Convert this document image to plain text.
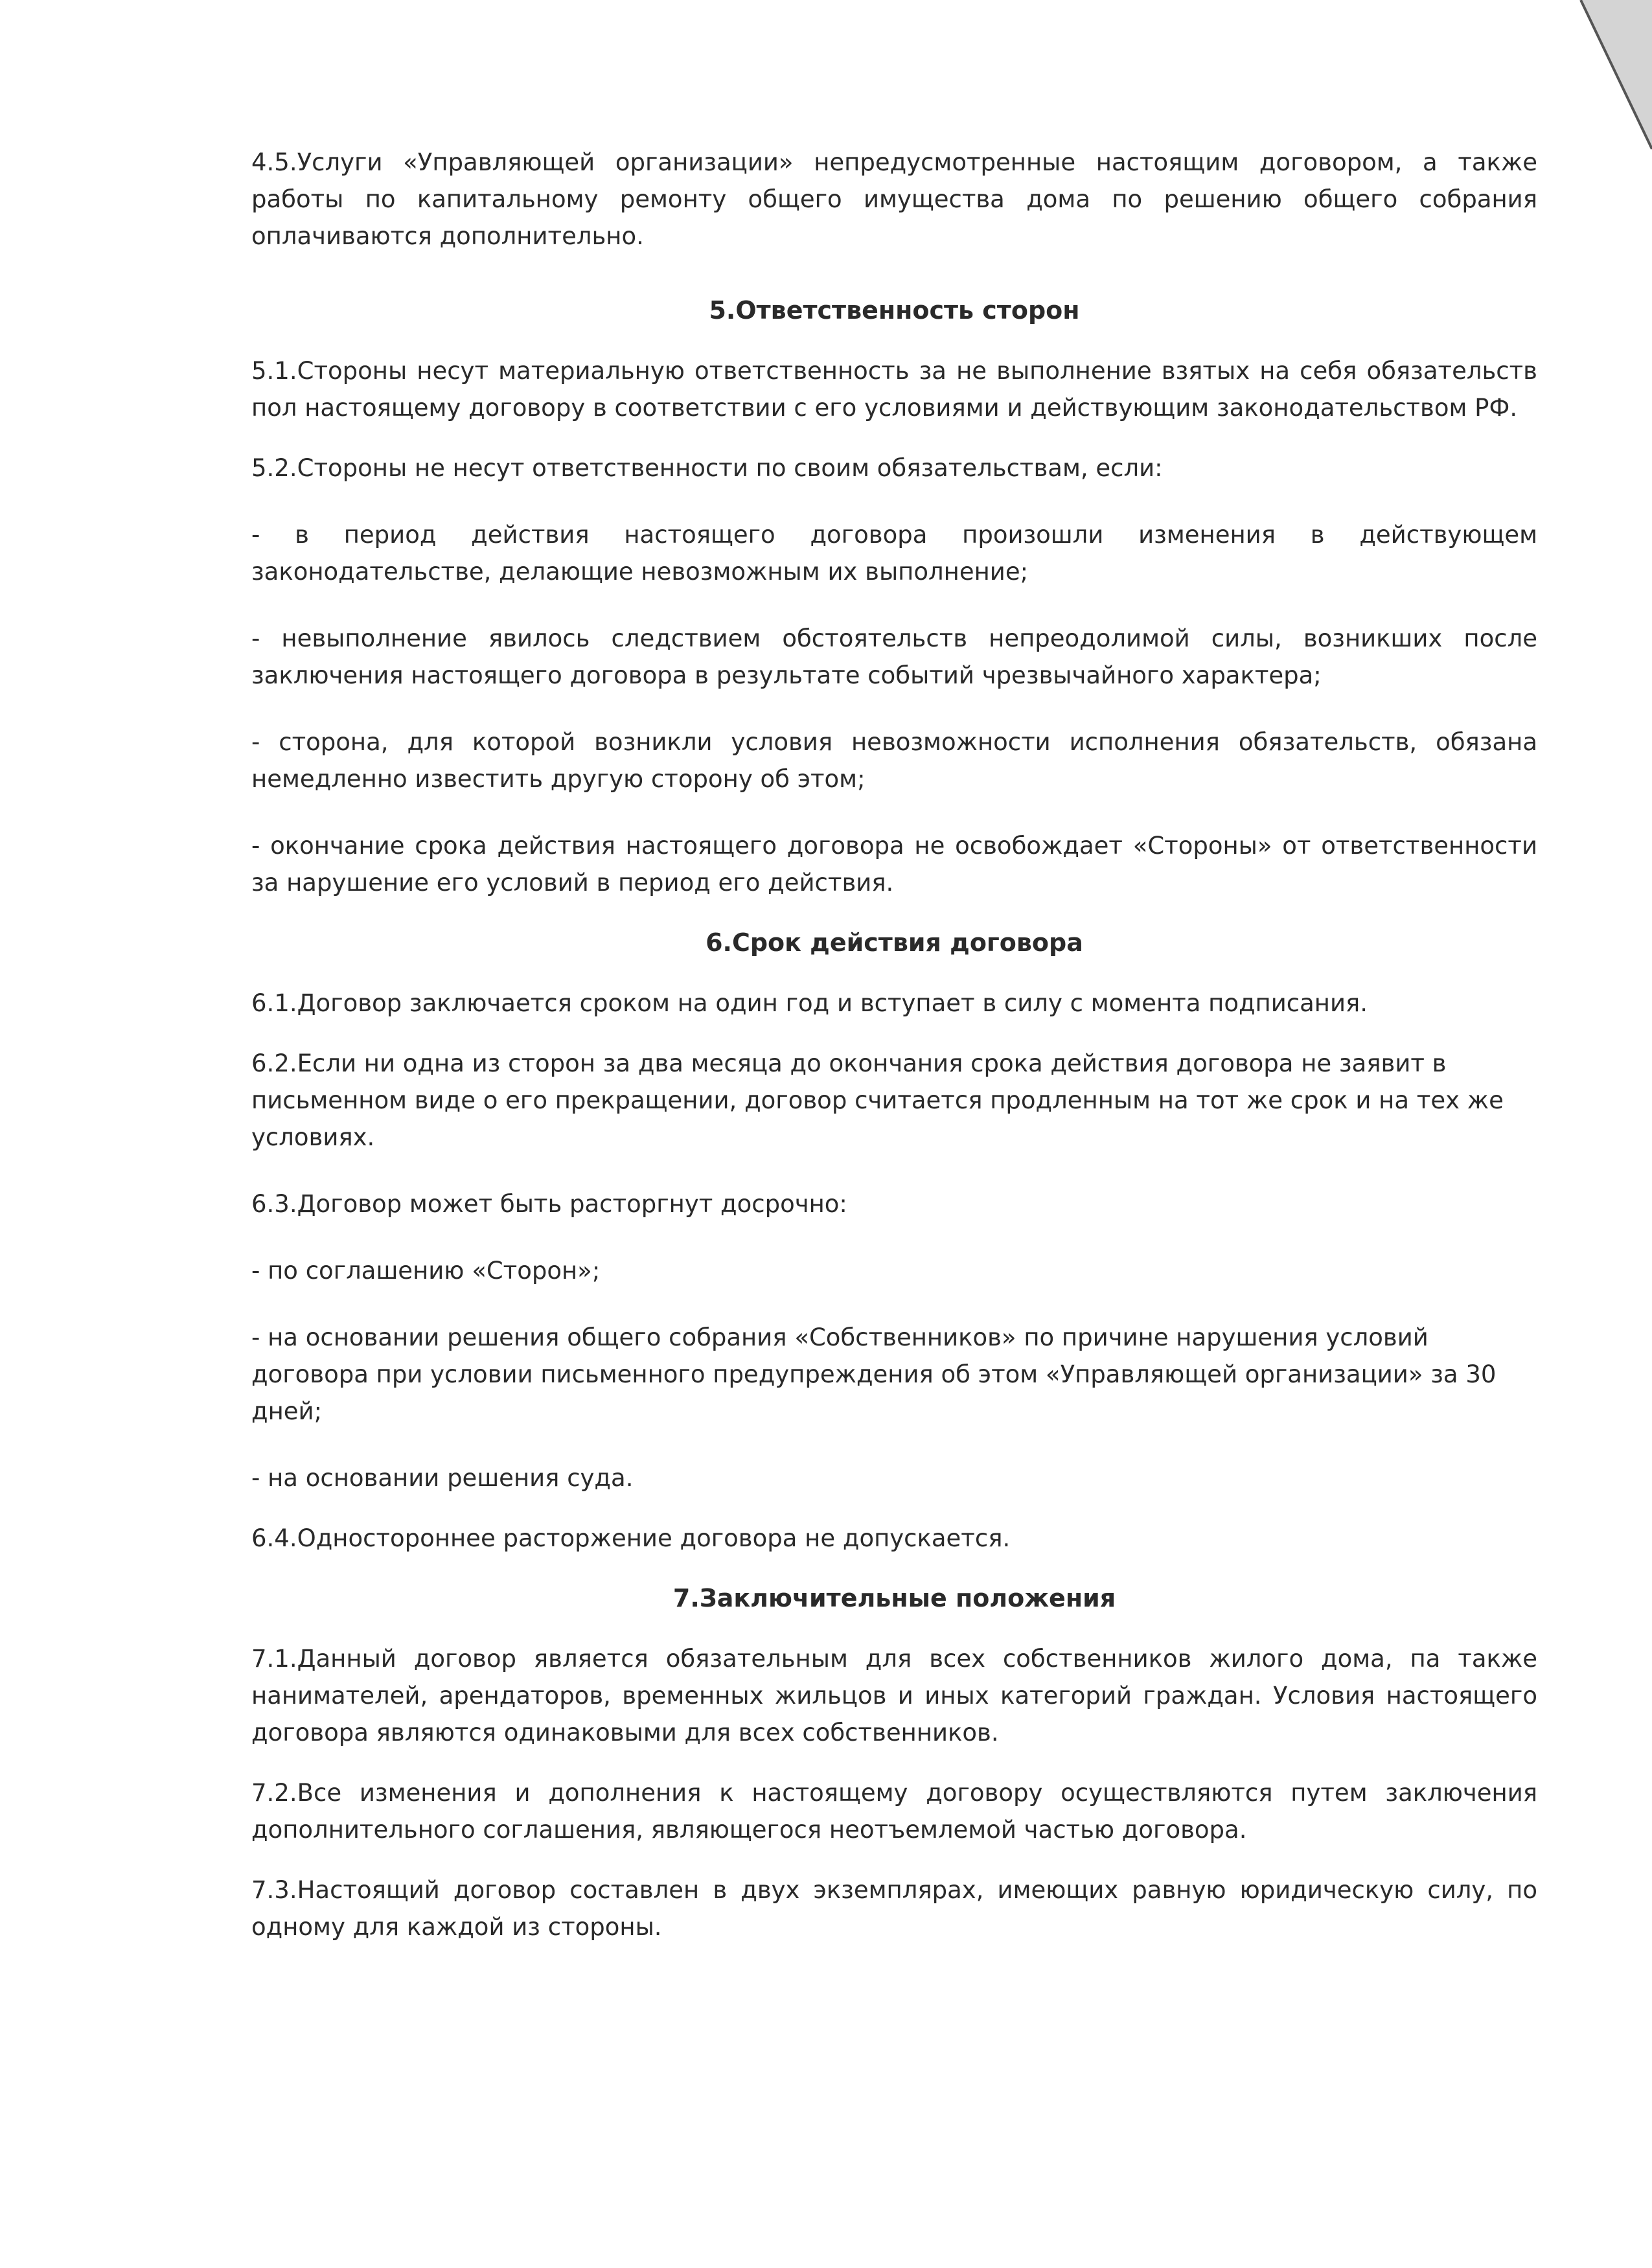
4.5.Услуги «Управляющей организации» непредусмотренные настоящим договором, а также работы по капитальному ремонту общего имущества дома по решению общего собрания оплачиваются дополнительно.

5.Ответственность сторон

5.1.Стороны несут материальную ответственность за не выполнение взятых на себя обязательств пол настоящему договору в соответствии с его условиями и действующим законодательством РФ.

5.2.Стороны не несут ответственности по своим обязательствам, если:

- в период действия настоящего договора произошли изменения в действующем законодательстве, делающие невозможным их выполнение;

- невыполнение явилось следствием обстоятельств непреодолимой силы, возникших после заключения настоящего договора в результате событий чрезвычайного характера;

- сторона, для которой возникли условия невозможности исполнения обязательств, обязана немедленно известить другую сторону об этом;

- окончание срока действия настоящего договора не освобождает «Стороны» от ответственности за нарушение его условий в период его действия.

6.Срок действия договора

6.1.Договор заключается сроком на один год и вступает в силу с момента подписания.

6.2.Если ни одна из сторон за два месяца до окончания срока действия договора не заявит в письменном виде о его прекращении, договор считается продленным на тот же срок и на тех же условиях.

6.3.Договор может быть расторгнут досрочно:

- по соглашению «Сторон»;

- на основании решения общего собрания «Собственников» по причине нарушения условий договора при условии письменного предупреждения об этом «Управляющей организации» за 30 дней;

- на основании решения суда.

6.4.Одностороннее расторжение договора не допускается.

7.Заключительные положения

7.1.Данный договор является обязательным для всех собственников жилого дома, па также нанимателей, арендаторов, временных жильцов и иных категорий граждан. Условия настоящего договора являются одинаковыми для всех собственников.

7.2.Все изменения и дополнения к настоящему договору осуществляются путем заключения дополнительного соглашения, являющегося неотъемлемой частью договора.

7.3.Настоящий договор составлен в двух экземплярах, имеющих равную юридическую силу, по одному для каждой из стороны.
